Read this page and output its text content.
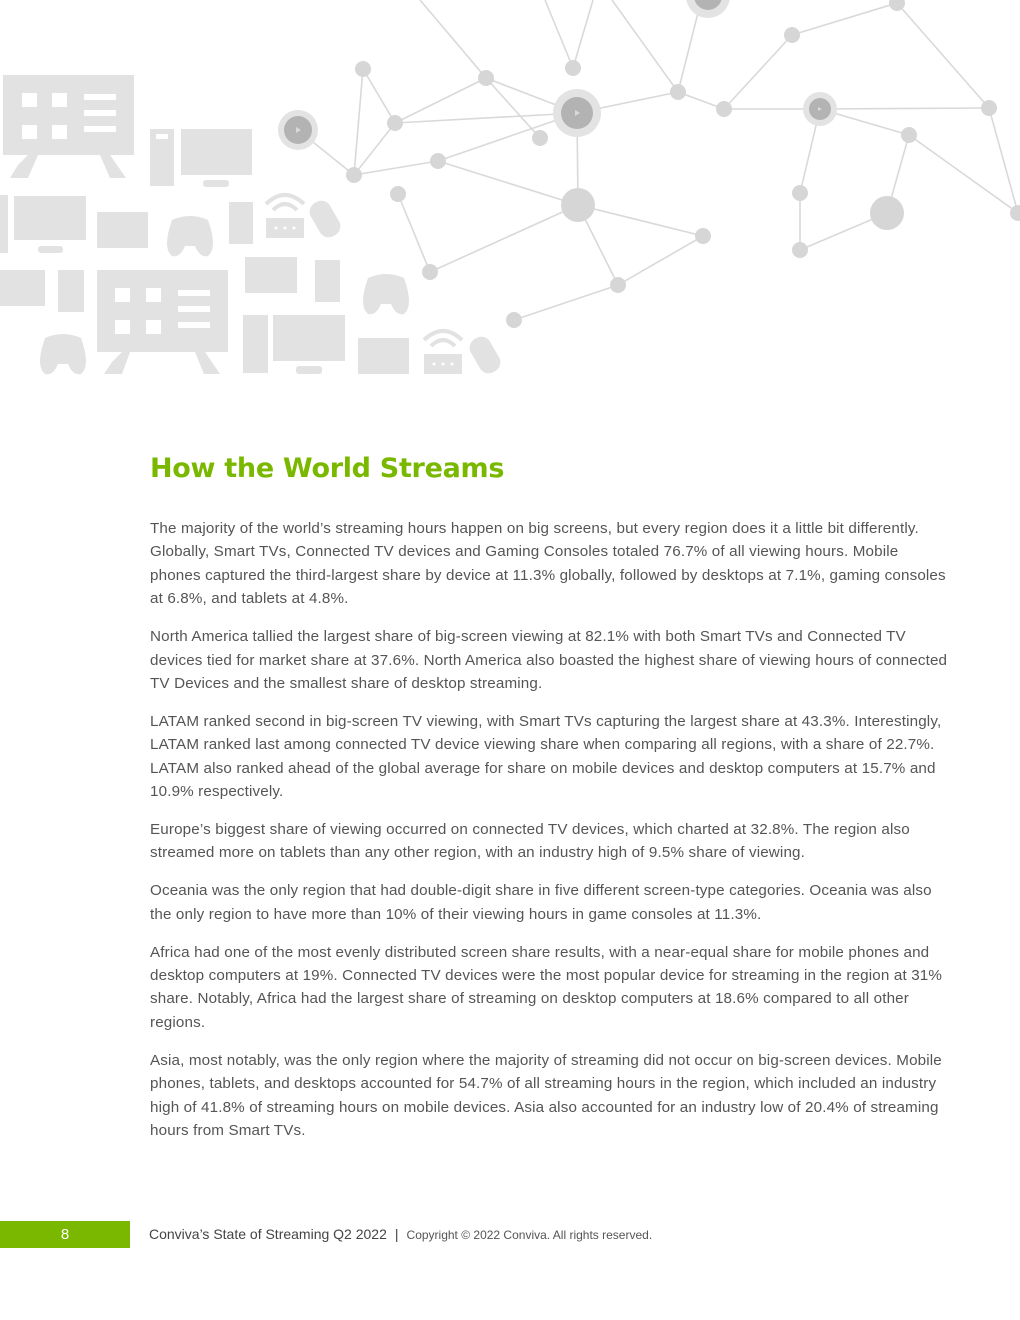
How the World Streams

The majority of the world’s streaming hours happen on big screens, but every region does it a little bit differently. Globally, Smart TVs, Connected TV devices and Gaming Consoles totaled 76.7% of all viewing hours. Mobile phones captured the third-largest share by device at 11.3% globally, followed by desktops at 7.1%, gaming consoles at 6.8%, and tablets at 4.8%.

North America tallied the largest share of big-screen viewing at 82.1% with both Smart TVs and Connected TV devices tied for market share at 37.6%. North America also boasted the highest share of viewing hours of connected TV Devices and the smallest share of desktop streaming.

LATAM ranked second in big-screen TV viewing, with Smart TVs capturing the largest share at 43.3%. Interestingly, LATAM ranked last among connected TV device viewing share when comparing all regions, with a share of 22.7%. LATAM also ranked ahead of the global average for share on mobile devices and desktop computers at 15.7% and 10.9% respectively.

Europe’s biggest share of viewing occurred on connected TV devices, which charted at 32.8%. The region also streamed more on tablets than any other region, with an industry high of 9.5% share of viewing.

Oceania was the only region that had double-digit share in five different screen-type categories. Oceania was also the only region to have more than 10% of their viewing hours in game consoles at 11.3%.

Africa had one of the most evenly distributed screen share results, with a near-equal share for mobile phones and desktop computers at 19%. Connected TV devices were the most popular device for streaming in the region at 31% share. Notably, Africa had the largest share of streaming on desktop computers at 18.6% compared to all other regions.

Asia, most notably, was the only region where the majority of streaming did not occur on big-screen devices. Mobile phones, tablets, and desktops accounted for 54.7% of all streaming hours in the region, which included an industry high of 41.8% of streaming hours on mobile devices. Asia also accounted for an industry low of 20.4% of streaming hours from Smart TVs.

8	Conviva’s State of Streaming Q2 2022 | Copyright © 2022 Conviva. All rights reserved.
